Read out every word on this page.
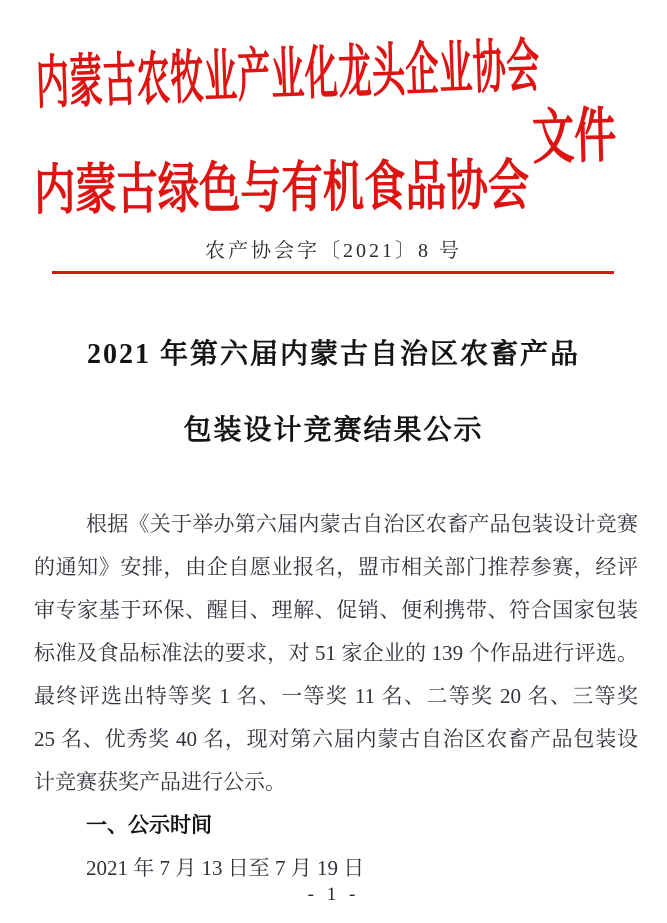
内
蒙
古
农
牧
业
产
业
化
龙
头
企
业
协
会
文件
内 蒙 古 绿 色 与 有 机 食 品 协 会
农产协会字〔2021〕8 号
2021 年第六届内蒙古自治区农畜产品
包装设计竞赛结果公示
根据《关于举办第六届内蒙古自治区农畜产品包装设计竞赛
的通知》安排，由企自愿业报名，盟市相关部门推荐参赛，经评
审专家基于环保、醒目、理解、促销、便利携带、符合国家包装
标准及食品标准法的要求，对 51 家企业的 139 个作品进行评选。
最终评选出特等奖 1 名、一等奖 11 名、二等奖 20 名、三等奖
25 名、优秀奖 40 名，现对第六届内蒙古自治区农畜产品包装设
计竞赛获奖产品进行公示。
一、公示时间
2021 年 7 月 13 日至 7 月 19 日
- 1 -
